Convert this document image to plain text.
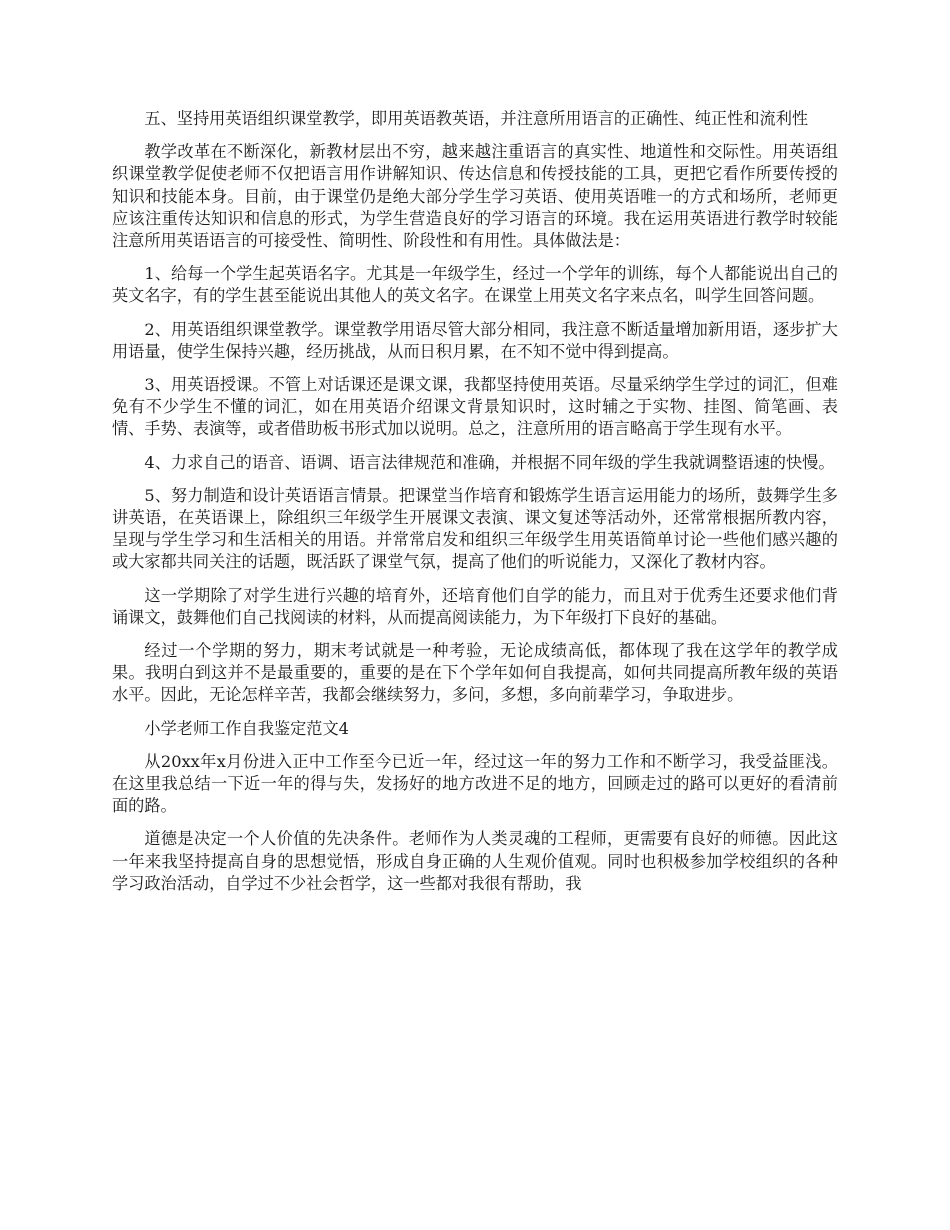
五、坚持用英语组织课堂教学，即用英语教英语，并注意所用语言的正确性、纯正性和流利性

教学改革在不断深化，新教材层出不穷，越来越注重语言的真实性、地道性和交际性。用英语组织课堂教学促使老师不仅把语言用作讲解知识、传达信息和传授技能的工具，更把它看作所要传授的知识和技能本身。目前，由于课堂仍是绝大部分学生学习英语、使用英语唯一的方式和场所，老师更应该注重传达知识和信息的形式，为学生营造良好的学习语言的环境。我在运用英语进行教学时较能注意所用英语语言的可接受性、简明性、阶段性和有用性。具体做法是：

1、给每一个学生起英语名字。尤其是一年级学生，经过一个学年的训练，每个人都能说出自己的英文名字，有的学生甚至能说出其他人的英文名字。在课堂上用英文名字来点名，叫学生回答问题。

2、用英语组织课堂教学。课堂教学用语尽管大部分相同，我注意不断适量增加新用语，逐步扩大用语量，使学生保持兴趣，经历挑战，从而日积月累，在不知不觉中得到提高。

3、用英语授课。不管上对话课还是课文课，我都坚持使用英语。尽量采纳学生学过的词汇，但难免有不少学生不懂的词汇，如在用英语介绍课文背景知识时，这时辅之于实物、挂图、简笔画、表情、手势、表演等，或者借助板书形式加以说明。总之，注意所用的语言略高于学生现有水平。

4、力求自己的语音、语调、语言法律规范和准确，并根据不同年级的学生我就调整语速的快慢。

5、努力制造和设计英语语言情景。把课堂当作培育和锻炼学生语言运用能力的场所，鼓舞学生多讲英语，在英语课上，除组织三年级学生开展课文表演、课文复述等活动外，还常常根据所教内容，呈现与学生学习和生活相关的用语。并常常启发和组织三年级学生用英语简单讨论一些他们感兴趣的或大家都共同关注的话题，既活跃了课堂气氛，提高了他们的听说能力，又深化了教材内容。

这一学期除了对学生进行兴趣的培育外，还培育他们自学的能力，而且对于优秀生还要求他们背诵课文，鼓舞他们自己找阅读的材料，从而提高阅读能力，为下年级打下良好的基础。

经过一个学期的努力，期末考试就是一种考验，无论成绩高低，都体现了我在这学年的教学成果。我明白到这并不是最重要的，重要的是在下个学年如何自我提高，如何共同提高所教年级的英语水平。因此，无论怎样辛苦，我都会继续努力，多问，多想，多向前辈学习，争取进步。

小学老师工作自我鉴定范文4

从20xx年x月份进入正中工作至今已近一年，经过这一年的努力工作和不断学习，我受益匪浅。在这里我总结一下近一年的得与失，发扬好的地方改进不足的地方，回顾走过的路可以更好的看清前面的路。

道德是决定一个人价值的先决条件。老师作为人类灵魂的工程师，更需要有良好的师德。因此这一年来我坚持提高自身的思想觉悟，形成自身正确的人生观价值观。同时也积极参加学校组织的各种学习政治活动，自学过不少社会哲学，这一些都对我很有帮助，我
